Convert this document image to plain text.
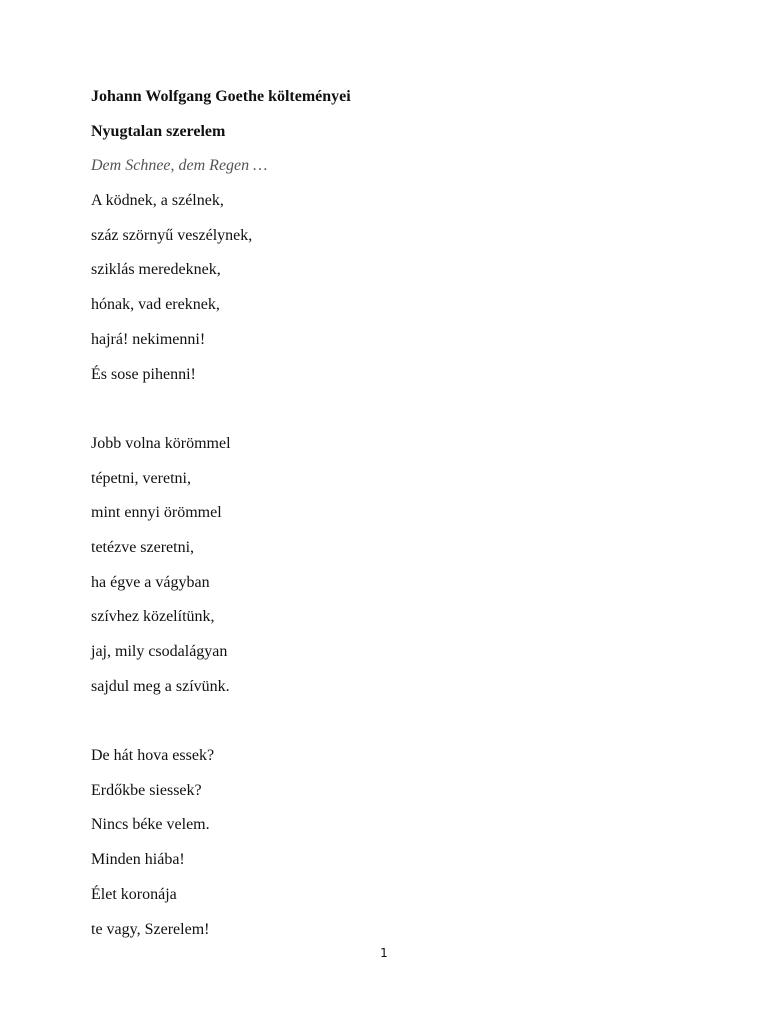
Johann Wolfgang Goethe költeményei

Nyugtalan szerelem

Dem Schnee, dem Regen …

A ködnek, a szélnek,

száz szörnyű veszélynek,

sziklás meredeknek,

hónak, vad ereknek,

hajrá! nekimenni!

És sose pihenni!

Jobb volna körömmel

tépetni, veretni,

mint ennyi örömmel

tetézve szeretni,

ha égve a vágyban

szívhez közelítünk,

jaj, mily csodalágyan

sajdul meg a szívünk.

De hát hova essek?

Erdőkbe siessek?

Nincs béke velem.

Minden hiába!

Élet koronája

te vagy, Szerelem!

1
